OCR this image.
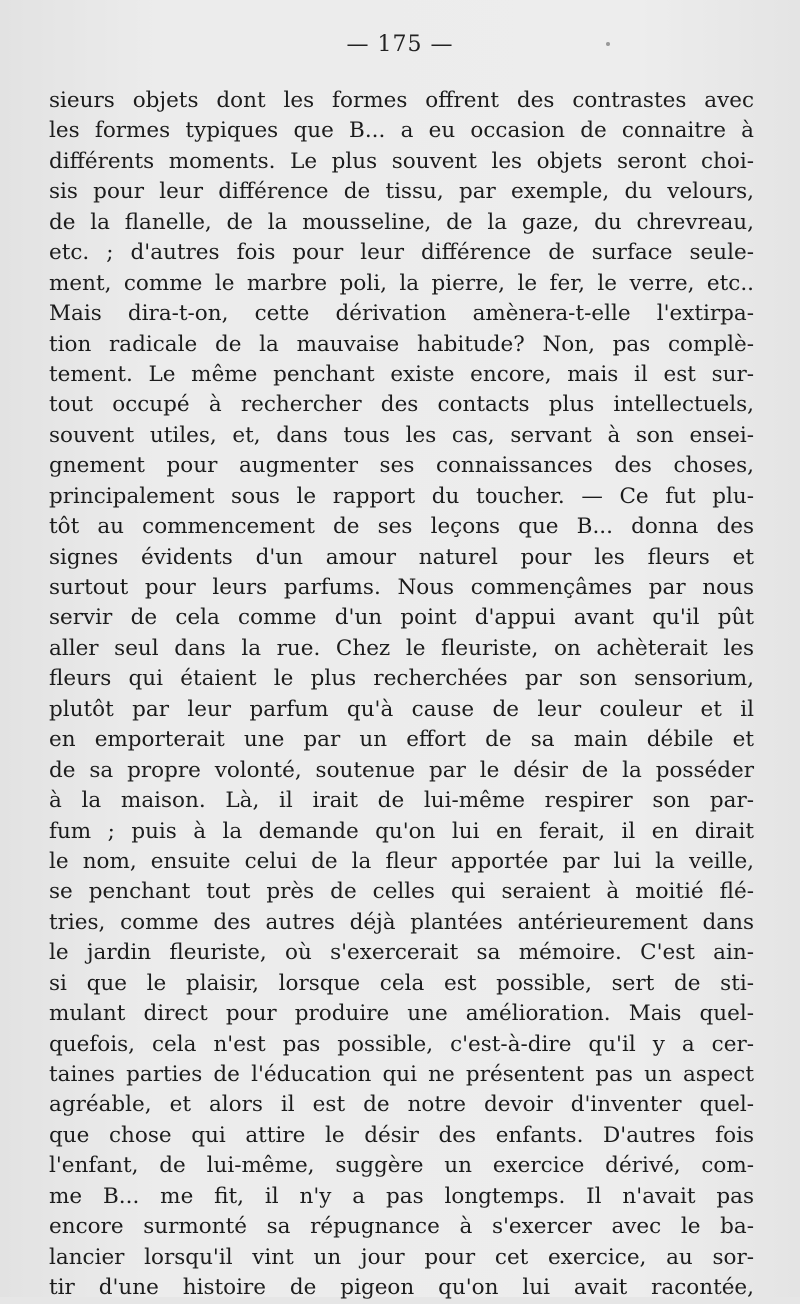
— 175 —
sieurs objets dont les formes offrent des contrastes avec
les formes typiques que B... a eu occasion de connaitre à
différents moments. Le plus souvent les objets seront choi-
sis pour leur différence de tissu, par exemple, du velours,
de la flanelle, de la mousseline, de la gaze, du chrevreau,
etc. ; d'autres fois pour leur différence de surface seule-
ment, comme le marbre poli, la pierre, le fer, le verre, etc..
Mais dira-t-on, cette dérivation amènera-t-elle l'extirpa-
tion radicale de la mauvaise habitude? Non, pas complè-
tement. Le même penchant existe encore, mais il est sur-
tout occupé à rechercher des contacts plus intellectuels,
souvent utiles, et, dans tous les cas, servant à son ensei-
gnement pour augmenter ses connaissances des choses,
principalement sous le rapport du toucher. — Ce fut plu-
tôt au commencement de ses leçons que B... donna des
signes évidents d'un amour naturel pour les fleurs et
surtout pour leurs parfums. Nous commençâmes par nous
servir de cela comme d'un point d'appui avant qu'il pût
aller seul dans la rue. Chez le fleuriste, on achèterait les
fleurs qui étaient le plus recherchées par son sensorium,
plutôt par leur parfum qu'à cause de leur couleur et il
en emporterait une par un effort de sa main débile et
de sa propre volonté, soutenue par le désir de la posséder
à la maison. Là, il irait de lui-même respirer son par-
fum ; puis à la demande qu'on lui en ferait, il en dirait
le nom, ensuite celui de la fleur apportée par lui la veille,
se penchant tout près de celles qui seraient à moitié flé-
tries, comme des autres déjà plantées antérieurement dans
le jardin fleuriste, où s'exercerait sa mémoire. C'est ain-
si que le plaisir, lorsque cela est possible, sert de sti-
mulant direct pour produire une amélioration. Mais quel-
quefois, cela n'est pas possible, c'est-à-dire qu'il y a cer-
taines parties de l'éducation qui ne présentent pas un aspect
agréable, et alors il est de notre devoir d'inventer quel-
que chose qui attire le désir des enfants. D'autres fois
l'enfant, de lui-même, suggère un exercice dérivé, com-
me B... me fit, il n'y a pas longtemps. Il n'avait pas
encore surmonté sa répugnance à s'exercer avec le ba-
lancier lorsqu'il vint un jour pour cet exercice, au sor-
tir d'une histoire de pigeon qu'on lui avait racontée,
